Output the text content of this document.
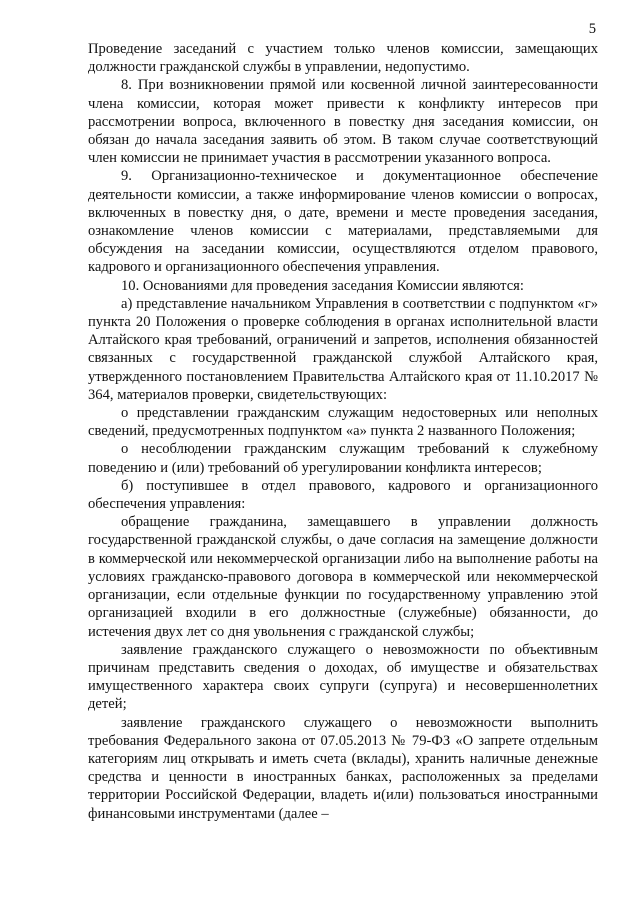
5

Проведение заседаний с участием только членов комиссии, замещающих должности гражданской службы в управлении, недопустимо.

8. При возникновении прямой или косвенной личной заинтересованности члена комиссии, которая может привести к конфликту интересов при рассмотрении вопроса, включенного в повестку дня заседания комиссии, он обязан до начала заседания заявить об этом. В таком случае соответствующий член комиссии не принимает участия в рассмотрении указанного вопроса.

9. Организационно-техническое и документационное обеспечение деятельности комиссии, а также информирование членов комиссии о вопросах, включенных в повестку дня, о дате, времени и месте проведения заседания, ознакомление членов комиссии с материалами, представляемыми для обсуждения на заседании комиссии, осуществляются отделом правового, кадрового и организационного обеспечения управления.

10. Основаниями для проведения заседания Комиссии являются:

а) представление начальником Управления в соответствии с подпунктом «г» пункта 20 Положения о проверке соблюдения в органах исполнительной власти Алтайского края требований, ограничений и запретов, исполнения обязанностей связанных с государственной гражданской службой Алтайского края, утвержденного постановлением Правительства Алтайского края от 11.10.2017 № 364, материалов проверки, свидетельствующих:

о представлении гражданским служащим недостоверных или неполных сведений, предусмотренных подпунктом «а» пункта 2 названного Положения;

о несоблюдении гражданским служащим требований к служебному поведению и (или) требований об урегулировании конфликта интересов;

б) поступившее в отдел правового, кадрового и организационного обеспечения управления:

обращение гражданина, замещавшего в управлении должность государственной гражданской службы, о даче согласия на замещение должности в коммерческой или некоммерческой организации либо на выполнение работы на условиях гражданско-правового договора в коммерческой или некоммерческой организации, если отдельные функции по государственному управлению этой организацией входили в его должностные (служебные) обязанности, до истечения двух лет со дня увольнения с гражданской службы;

заявление гражданского служащего о невозможности по объективным причинам представить сведения о доходах, об имуществе и обязательствах имущественного характера своих супруги (супруга) и несовершеннолетних детей;

заявление гражданского служащего о невозможности выполнить требования Федерального закона от 07.05.2013 № 79-ФЗ «О запрете отдельным категориям лиц открывать и иметь счета (вклады), хранить наличные денежные средства и ценности в иностранных банках, расположенных за пределами территории Российской Федерации, владеть и(или) пользоваться иностранными финансовыми инструментами (далее –
